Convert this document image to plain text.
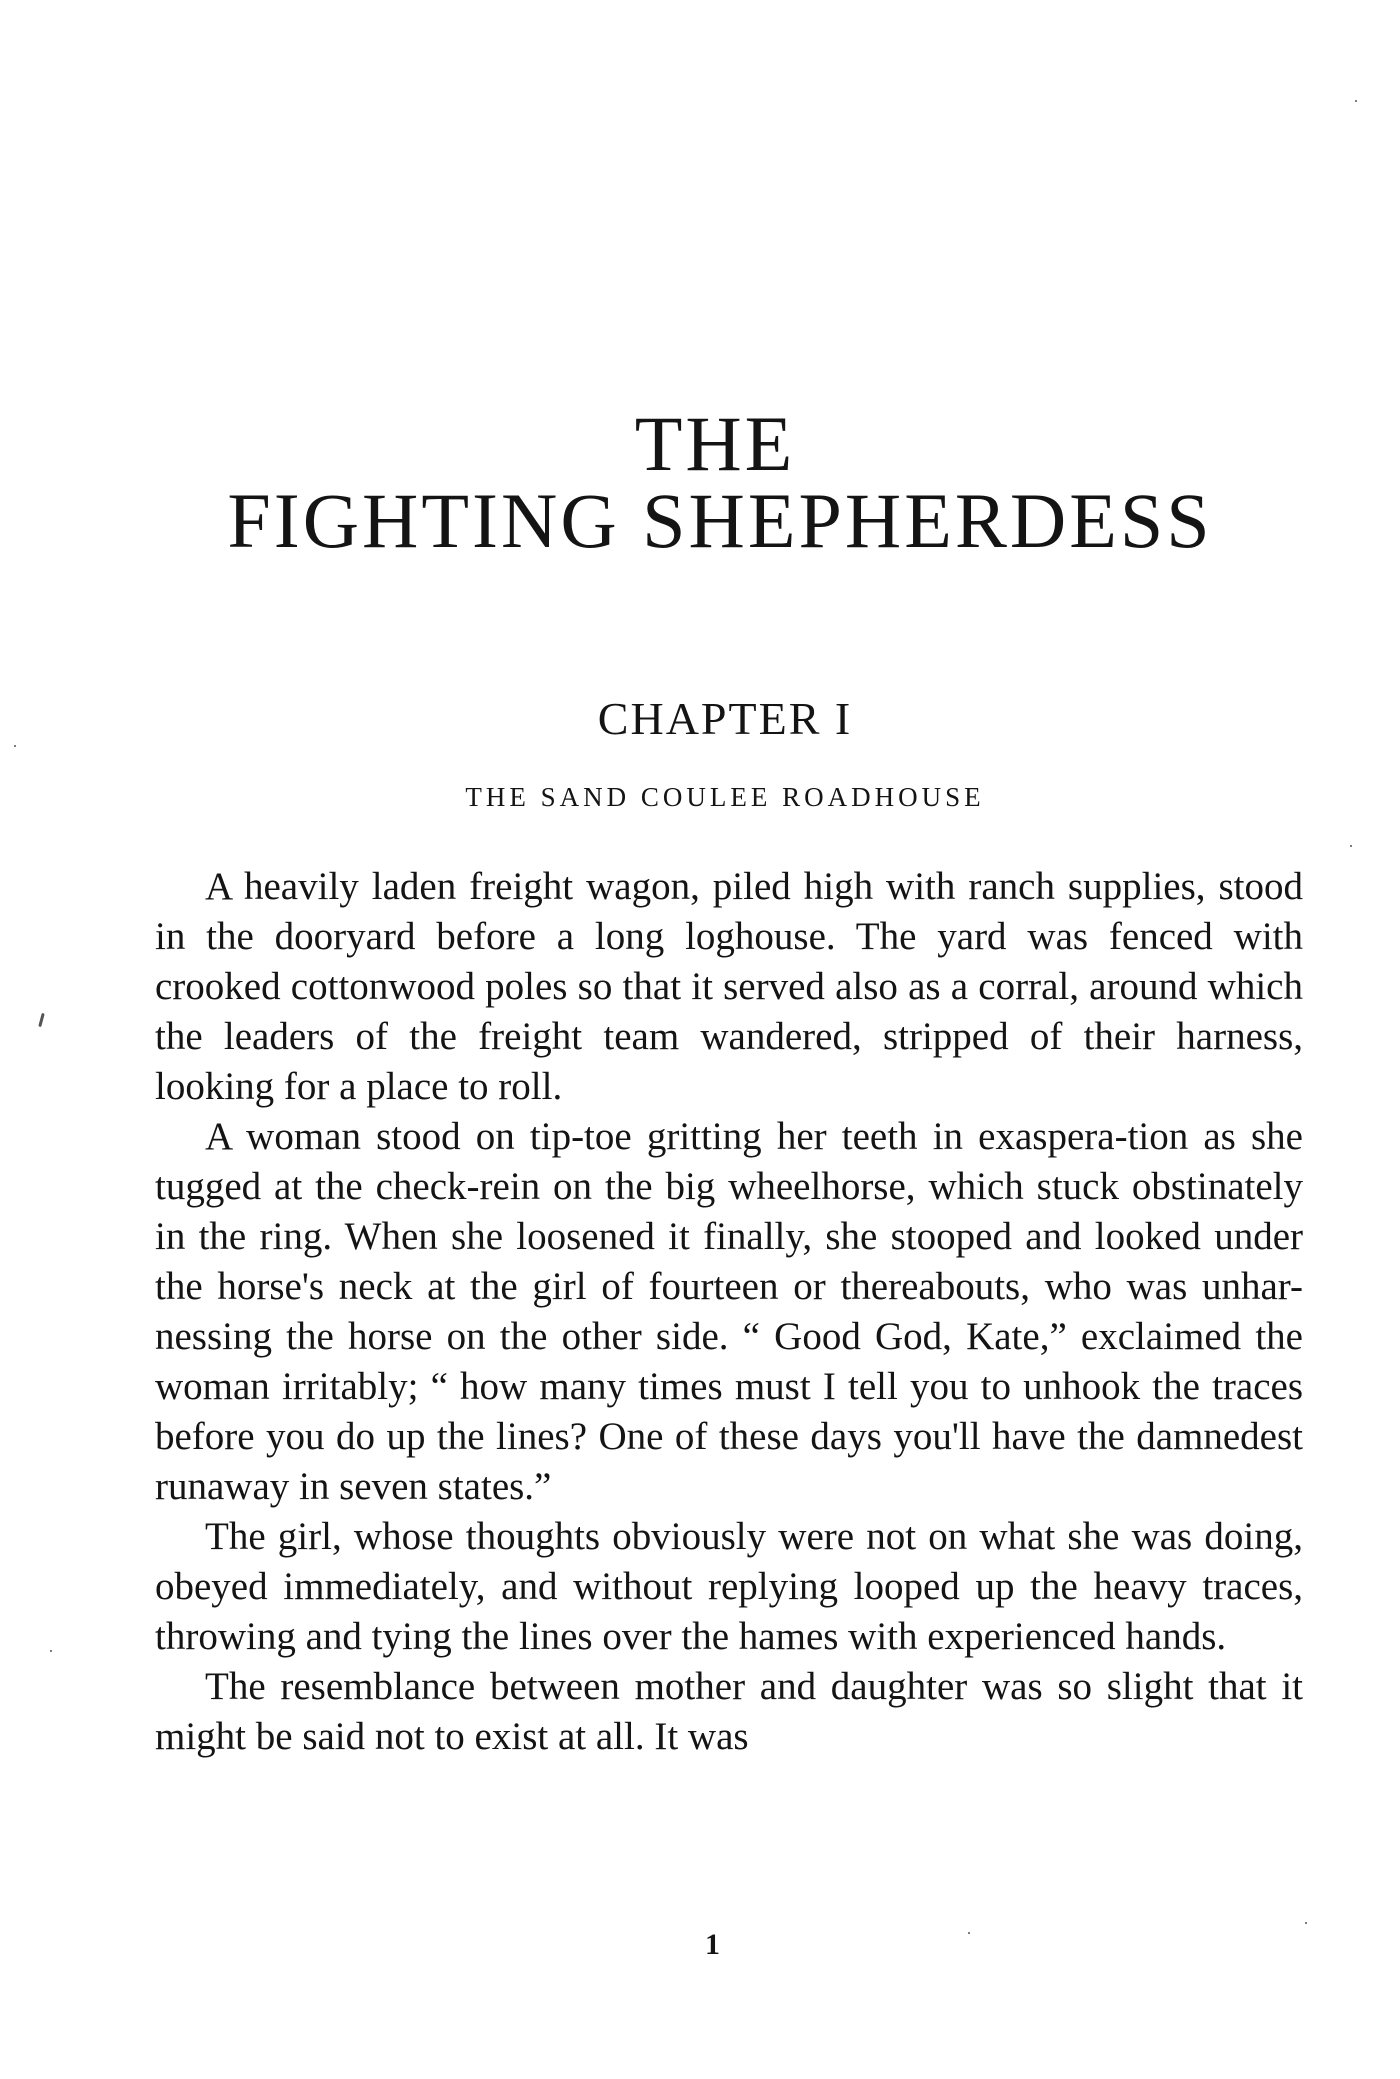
THE
FIGHTING SHEPHERDESS
CHAPTER I
THE SAND COULEE ROADHOUSE

A heavily laden freight wagon, piled high with ranch supplies, stood in the dooryard before a long loghouse. The yard was fenced with crooked cottonwood poles so that it served also as a corral, around which the leaders of the freight team wandered, stripped of their harness, looking for a place to roll.

A woman stood on tip-toe gritting her teeth in exaspera-tion as she tugged at the check-rein on the big wheelhorse, which stuck obstinately in the ring. When she loosened it finally, she stooped and looked under the horse's neck at the girl of fourteen or thereabouts, who was unhar-nessing the horse on the other side. “ Good God, Kate,” exclaimed the woman irritably; “ how many times must I tell you to unhook the traces before you do up the lines? One of these days you'll have the damnedest runaway in seven states.”

The girl, whose thoughts obviously were not on what she was doing, obeyed immediately, and without replying looped up the heavy traces, throwing and tying the lines over the hames with experienced hands.

The resemblance between mother and daughter was so slight that it might be said not to exist at all. It was

1
